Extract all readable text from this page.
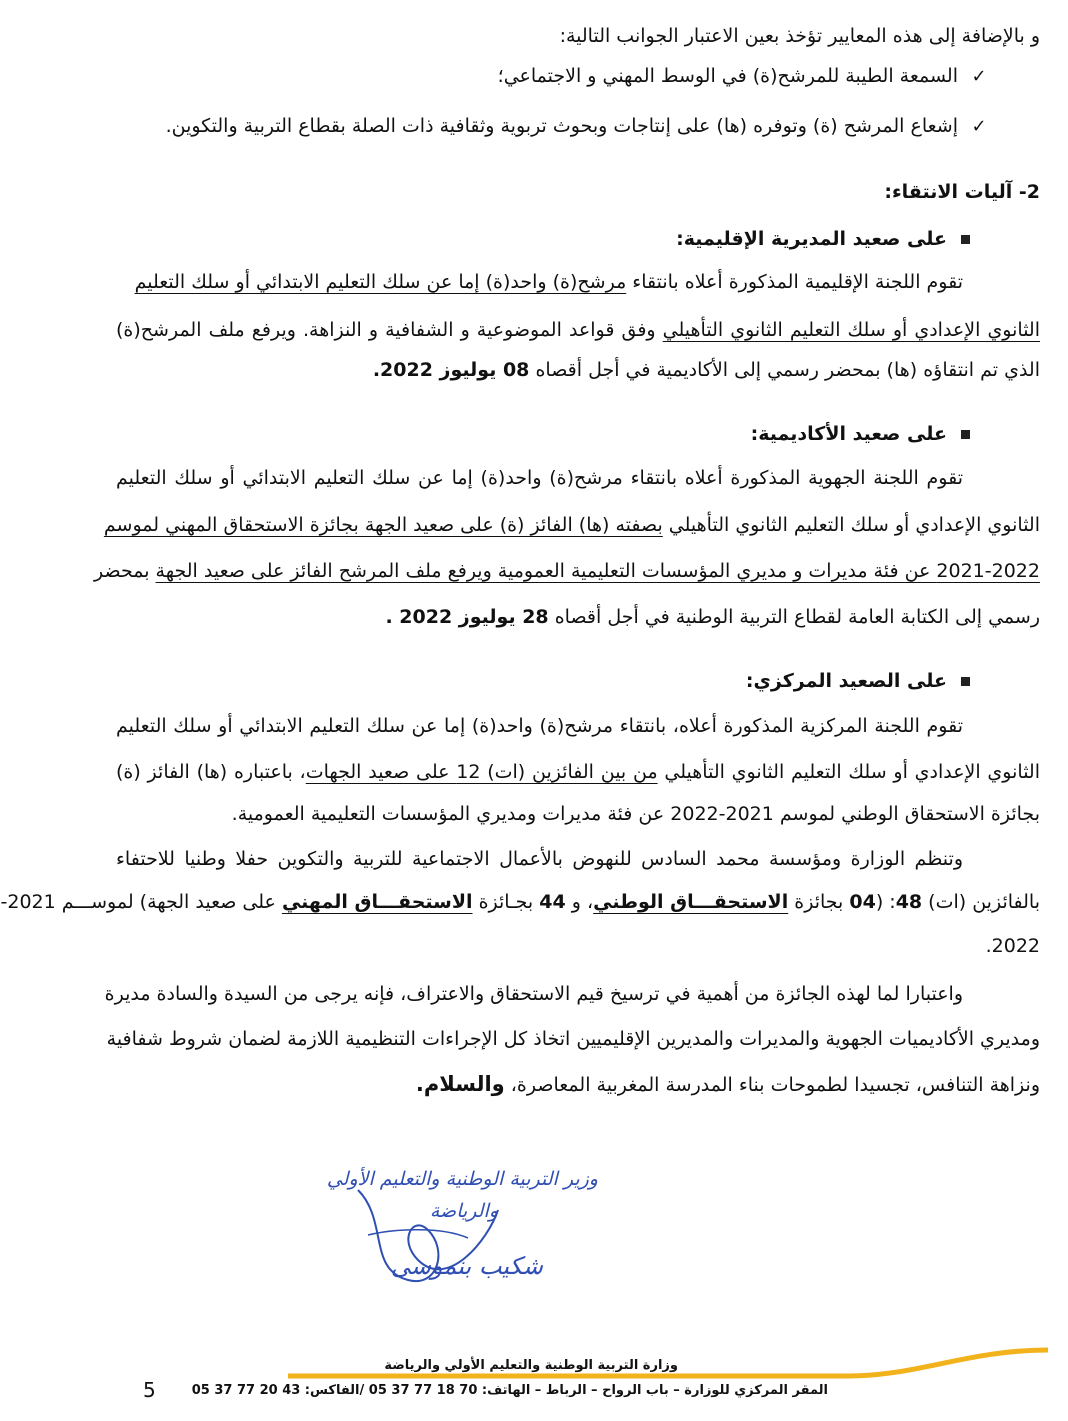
و بالإضافة إلى هذه المعايير تؤخذ بعين الاعتبار الجوانب التالية:
✓السمعة الطيبة للمرشح(ة) في الوسط المهني و الاجتماعي؛
✓إشعاع المرشح (ة) وتوفره (ها) على إنتاجات وبحوث تربوية وثقافية ذات الصلة بقطاع التربية والتكوين.
2- آليات الانتقاء:
على صعيد المديرية الإقليمية:
تقوم اللجنة الإقليمية المذكورة أعلاه بانتقاء مرشح(ة) واحد(ة) إما عن سلك التعليم الابتدائي أو سلك التعليم
الثانوي الإعدادي أو سلك التعليم الثانوي التأهيلي وفق قواعد الموضوعية و الشفافية و النزاهة. ويرفع ملف المرشح(ة)
الذي تم انتقاؤه (ها) بمحضر رسمي إلى الأكاديمية في أجل أقصاه 08 يوليوز 2022.
على صعيد الأكاديمية:
تقوم اللجنة الجهوية المذكورة أعلاه بانتقاء مرشح(ة) واحد(ة) إما عن سلك التعليم الابتدائي أو سلك التعليم
الثانوي الإعدادي أو سلك التعليم الثانوي التأهيلي بصفته (ها) الفائز (ة) على صعيد الجهة بجائزة الاستحقاق المهني لموسم
2021-2022 عن فئة مديرات و مديري المؤسسات التعليمية العمومية ويرفع ملف المرشح الفائز على صعيد الجهة بمحضر
رسمي إلى الكتابة العامة لقطاع التربية الوطنية في أجل أقصاه 28 يوليوز 2022 .
على الصعيد المركزي:
تقوم اللجنة المركزية المذكورة أعلاه، بانتقاء مرشح(ة) واحد(ة) إما عن سلك التعليم الابتدائي أو سلك التعليم
الثانوي الإعدادي أو سلك التعليم الثانوي التأهيلي من بين الفائزين (ات) 12 على صعيد الجهات، باعتباره (ها) الفائز (ة)
بجائزة الاستحقاق الوطني لموسم 2021-2022 عن فئة مديرات ومديري المؤسسات التعليمية العمومية.
وتنظم الوزارة ومؤسسة محمد السادس للنهوض بالأعمال الاجتماعية للتربية والتكوين حفلا وطنيا للاحتفاء
بالفائزين (ات) 48: (04 بجائزة الاستحقـــاق الوطني، و 44 بجـائزة الاستحقـــاق المهني على صعيد الجهة) لموســـم 2021-
2022.
واعتبارا لما لهذه الجائزة من أهمية في ترسيخ قيم الاستحقاق والاعتراف، فإنه يرجى من السيدة والسادة مديرة
ومديري الأكاديميات الجهوية والمديرات والمديرين الإقليميين اتخاذ كل الإجراءات التنظيمية اللازمة لضمان شروط شفافية
ونزاهة التنافس، تجسيدا لطموحات بناء المدرسة المغربية المعاصرة، والسلام.
وزير التربية الوطنية والتعليم الأولي
والرياضة
شكيب بنموسى
وزارة التربية الوطنية والتعليم الأولي والرياضة
المقر المركزي للوزارة – باب الرواح – الرباط – الهاتف: 70 18 77 37 05 /الفاكس: 43 20 77 37 05
5
